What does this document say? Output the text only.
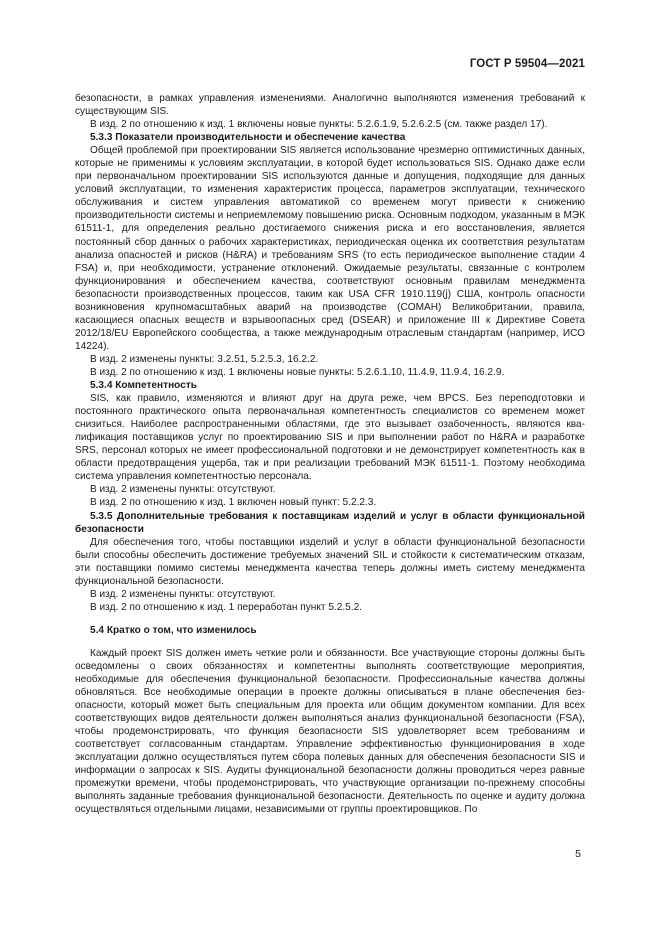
ГОСТ Р 59504—2021

безопасности, в рамках управления изменениями. Аналогично выполняются изменения требований к существующим SIS.

В изд. 2 по отношению к изд. 1 включены новые пункты: 5.2.6.1.9, 5.2.6.2.5 (см. также раздел 17).

5.3.3 Показатели производительности и обеспечение качества

Общей проблемой при проектировании SIS является использование чрезмерно оптимистичных данных, которые не применимы к условиям эксплуатации, в которой будет использоваться SIS. Однако даже если при первоначальном проектировании SIS используются данные и допущения, подходящие для данных условий эксплуатации, то изменения характеристик процесса, параметров эксплуатации, технического обслуживания и систем управления автоматикой со временем могут привести к снижению производительности системы и неприемлемому повышению риска. Основным подходом, указанным в МЭК 61511-1, для определения реально достигаемого снижения риска и его восстановления, является постоянный сбор данных о рабочих характеристиках, периодическая оценка их соответствия результатам анализа опасностей и рисков (H&RA) и требованиям SRS (то есть периодическое выполнение стадии 4 FSA) и, при необходимости, устранение отклонений. Ожидаемые результаты, связанные с контролем функционирования и обеспечением качества, соответствуют основным правилам менеджмента безопасности производственных процессов, таким как USA CFR 1910.119(j) США, контроль опасности возникновения крупномасштабных аварий на производстве (COMAH) Великобритании, правила, касающиеся опасных веществ и взрывоопасных сред (DSEAR) и приложение III к Директиве Совета 2012/18/EU Европейского сообщества, а также международным отраслевым стандартам (например, ИСО 14224).

В изд. 2 изменены пункты: 3.2.51, 5.2.5.3, 16.2.2.

В изд. 2 по отношению к изд. 1 включены новые пункты: 5.2.6.1.10, 11.4.9, 11.9.4, 16.2.9.

5.3.4 Компетентность

SIS, как правило, изменяются и влияют друг на друга реже, чем BPCS. Без переподготовки и постоянного практического опыта первоначальная компетентность специалистов со временем может снизиться. Наиболее распространенными областями, где это вызывает озабоченность, являются квалификация поставщиков услуг по проектированию SIS и при выполнении работ по H&RA и разработке SRS, персонал которых не имеет профессиональной подготовки и не демонстрирует компетентность как в области предотвращения ущерба, так и при реализации требований МЭК 61511-1. Поэтому необходима система управления компетентностью персонала.

В изд. 2 изменены пункты: отсутствуют.

В изд. 2 по отношению к изд. 1 включен новый пункт: 5.2.2.3.

5.3.5 Дополнительные требования к поставщикам изделий и услуг в области функциональной безопасности

Для обеспечения того, чтобы поставщики изделий и услуг в области функциональной безопасности были способны обеспечить достижение требуемых значений SIL и стойкости к систематическим отказам, эти поставщики помимо системы менеджмента качества теперь должны иметь систему менеджмента функциональной безопасности.

В изд. 2 изменены пункты: отсутствуют.

В изд. 2 по отношению к изд. 1 переработан пункт 5.2.5.2.

5.4 Кратко о том, что изменилось

Каждый проект SIS должен иметь четкие роли и обязанности. Все участвующие стороны должны быть осведомлены о своих обязанностях и компетентны выполнять соответствующие мероприятия, необходимые для обеспечения функциональной безопасности. Профессиональные качества должны обновляться. Все необходимые операции в проекте должны описываться в плане обеспечения безопасности, который может быть специальным для проекта или общим документом компании. Для всех соответствующих видов деятельности должен выполняться анализ функциональной безопасности (FSA), чтобы продемонстрировать, что функция безопасности SIS удовлетворяет всем требованиям и соответствует согласованным стандартам. Управление эффективностью функционирования в ходе эксплуатации должно осуществляться путем сбора полевых данных для обеспечения безопасности SIS и информации о запросах к SIS. Аудиты функциональной безопасности должны проводиться через равные промежутки времени, чтобы продемонстрировать, что участвующие организации по-прежнему способны выполнять заданные требования функциональной безопасности. Деятельность по оценке и аудиту должна осуществляться отдельными лицами, независимыми от группы проектировщиков. По

5
